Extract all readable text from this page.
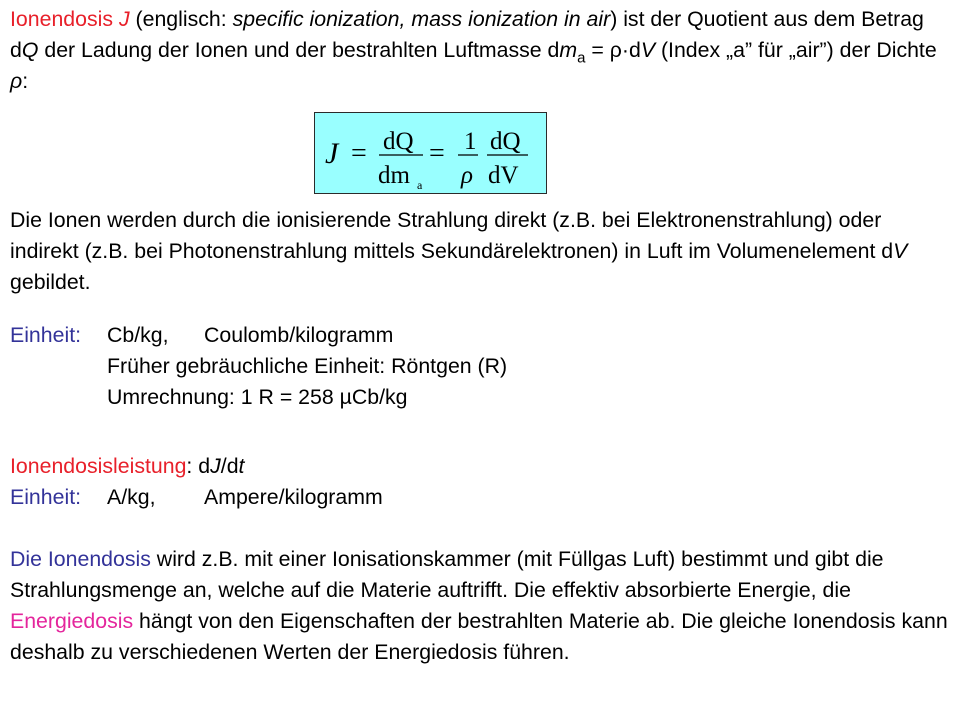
Ionendosis J (englisch: specific ionization, mass ionization in air) ist der Quotient aus dem Betrag dQ der Ladung der Ionen und der bestrahlten Luftmasse $dm_a = \rho\cdot dV$ (Index „a” für „air”) der Dichte ρ:

J = dQ
dm a
= 1
ρ
dQ
dV

Die Ionen werden durch die ionisierende Strahlung direkt (z.B. bei Elektronenstrahlung) oder indirekt (z.B. bei Photonenstrahlung mittels Sekundärelektronen) in Luft im Volumenelement dV gebildet.

Einheit:	Cb/kg,	Coulomb/kilogramm
Früher gebräuchliche Einheit: Röntgen (R)
Umrechnung: 1 R = 258 µCb/kg
Ionendosisleistung : d J /d t
Einheit:	A/kg,	Ampere/kilogramm

Die Ionendosis wird z.B. mit einer Ionisationskammer (mit Füllgas Luft) bestimmt und gibt die Strahlungsmenge an, welche auf die Materie auftrifft. Die effektiv absorbierte Energie, die Energiedosis hängt von den Eigenschaften der bestrahlten Materie ab. Die gleiche Ionendosis kann deshalb zu verschiedenen Werten der Energiedosis führen.
